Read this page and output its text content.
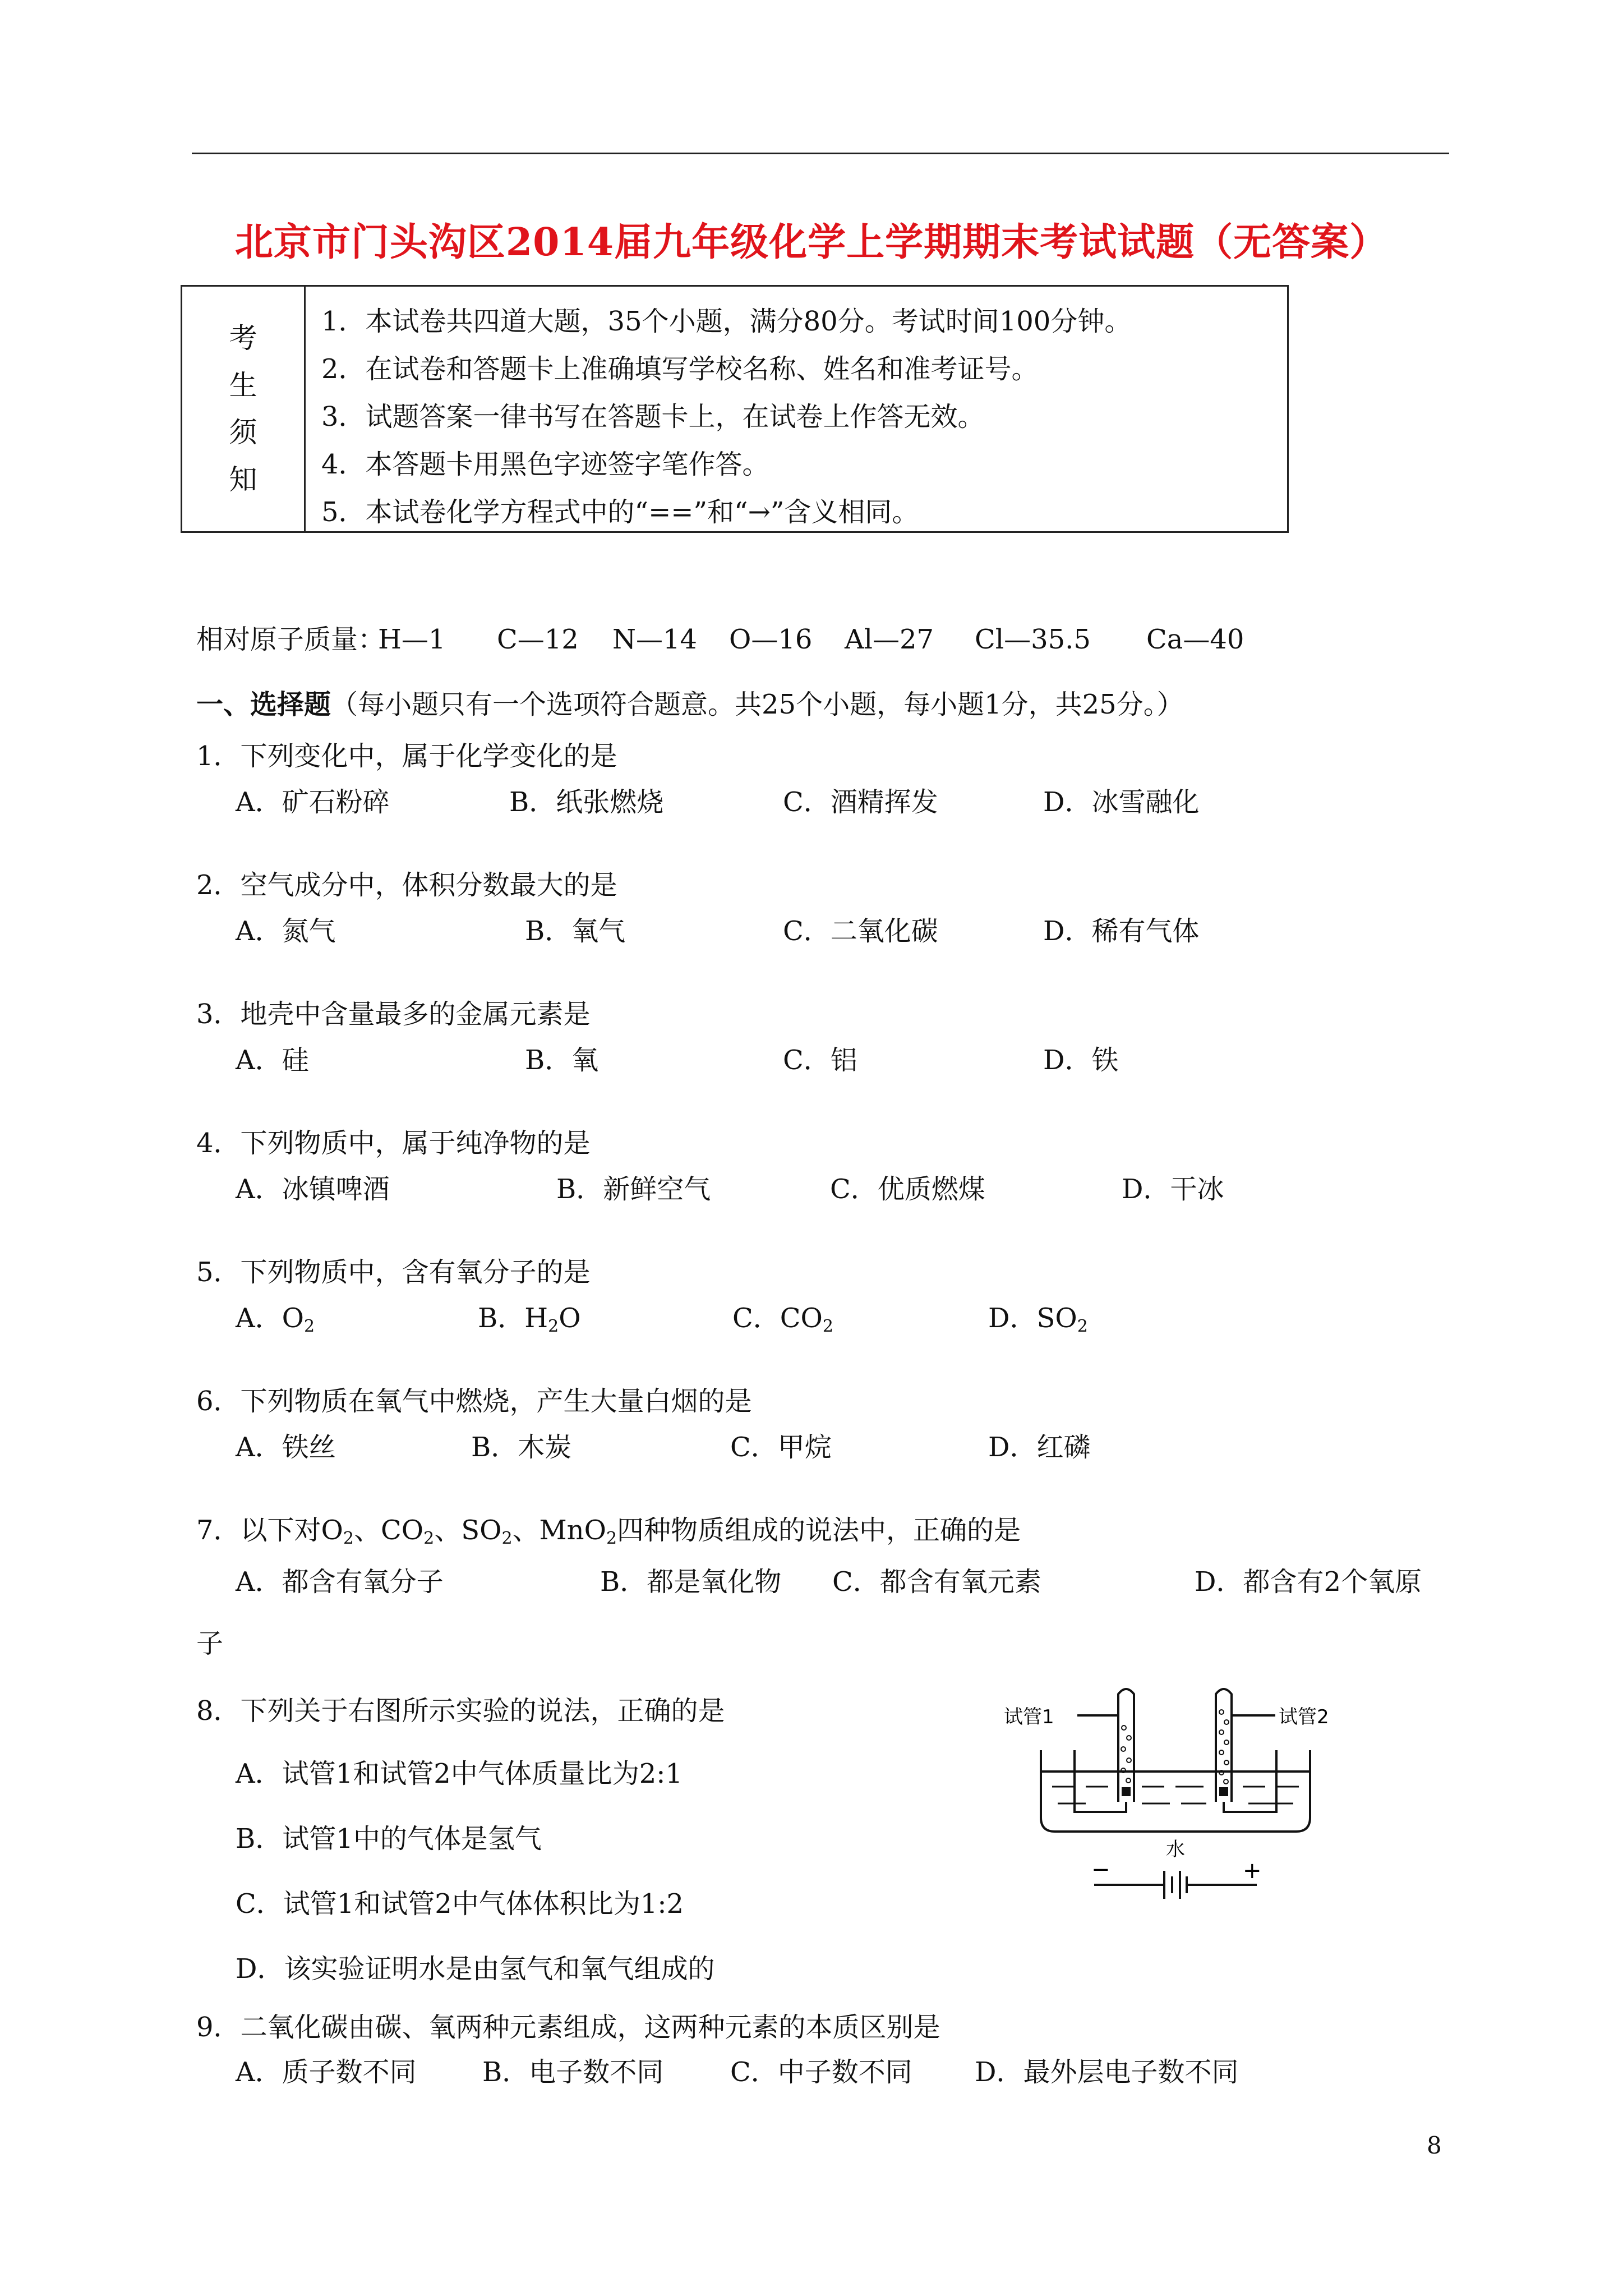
北京市门头沟区2014届九年级化学上学期期末考试试题（无答案）
考
生
须
知
1．本试卷共四道大题，35个小题，满分80分。考试时间100分钟。
2．在试卷和答题卡上准确填写学校名称、姓名和准考证号。
3．试题答案一律书写在答题卡上，在试卷上作答无效。
4．本答题卡用黑色字迹签字笔作答。
5．本试卷化学方程式中的“==”和“→”含义相同。
相对原子质量：
H—1 C—12 N—14 O—16 Al—27 Cl—35.5 Ca—40
一、选择题（每小题只有一个选项符合题意。共25个小题，每小题1分，共25分。）
1．下列变化中，属于化学变化的是
A．矿石粉碎	B．纸张燃烧	C．酒精挥发	D．冰雪融化
2．空气成分中，体积分数最大的是
A．氮气	B．氧气	C．二氧化碳	D．稀有气体
3．地壳中含量最多的金属元素是
A．硅	B．氧	C．铝	D．铁
4．下列物质中，属于纯净物的是
A．冰镇啤酒	B．新鲜空气	C．优质燃煤	D．干冰
5．下列物质中，含有氧分子的是
A．$O_2$	B．$H_2O$	C．$CO_2$	D．$SO_2$
6．下列物质在氧气中燃烧，产生大量白烟的是
A．铁丝	B．木炭	C．甲烷	D．红磷
7．以下对$O_2$、$CO_2$、$SO_2$、MnO$_2$四种物质组成的说法中，正确的是
A．都含有氧分子	B．都是氧化物 C．都含有氧元素	D．都含有2个氧原
子
8．下列关于右图所示实验的说法，正确的是
A．试管1和试管2中气体质量比为2:1
B．试管1中的气体是氢气
C．试管1和试管2中气体体积比为1:2
D．该实验证明水是由氢气和氧气组成的
试管1	试管2
水
−	+
9．二氧化碳由碳、氧两种元素组成，这两种元素的本质区别是
A．质子数不同 B．电子数不同 C．中子数不同 D．最外层电子数不同
8
